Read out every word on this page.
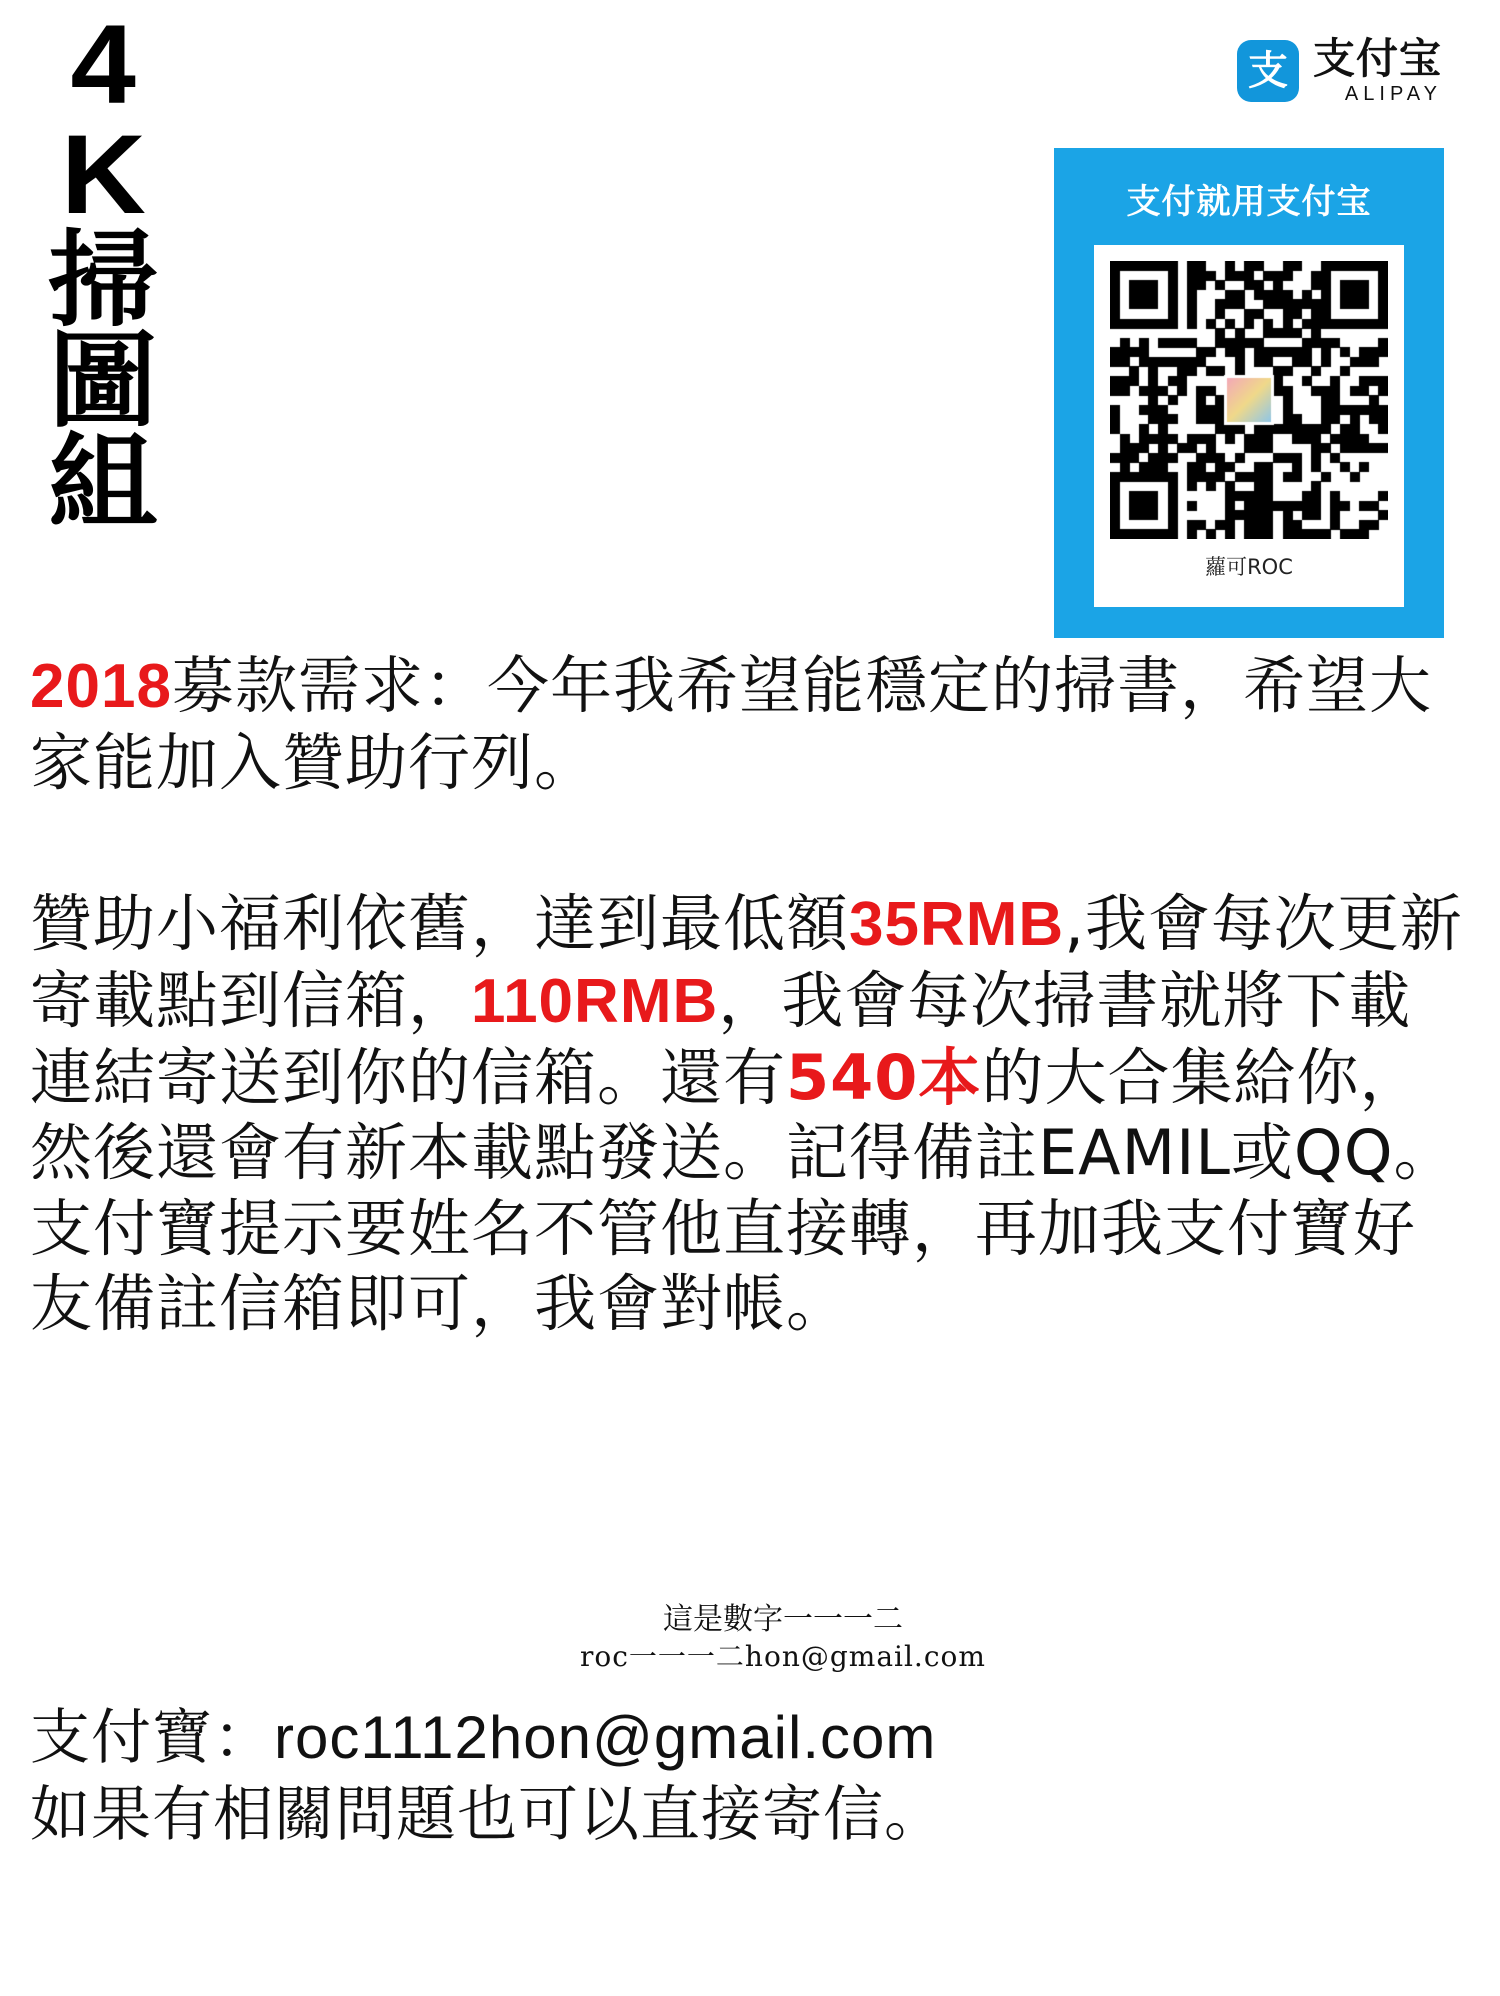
4
K
掃
圖
組
支 支付宝
ALIPAY
支付就用支付宝
蘿可ROC

2018募款需求：今年我希望能穩定的掃書，希望大家能加入贊助行列。

贊助小福利依舊，達到最低額35RMB,我會每次更新寄載點到信箱，110RMB，我會每次掃書就將下載連結寄送到你的信箱。還有540本的大合集給你，然後還會有新本載點發送。記得備註EAMIL或QQ。支付寶提示要姓名不管他直接轉，再加我支付寶好友備註信箱即可，我會對帳。

這是數字一一一二
roc一一一二hon@gmail.com
支付寶：roc1112hon@gmail.com
如果有相關問題也可以直接寄信。
